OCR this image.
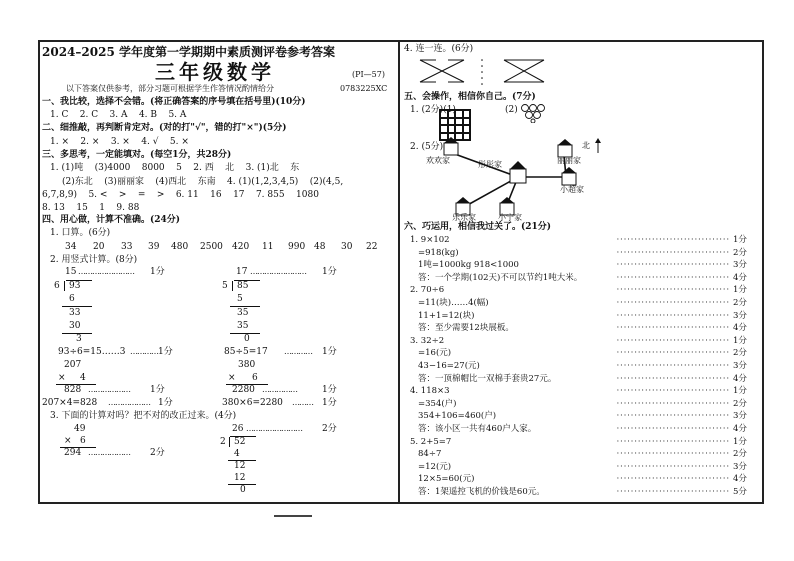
2024–2025 学年度第一学期期中素质测评卷参考答案
三年级数学	(PI—57)
0783225XC
以下答案仅供参考，部分习题可根据学生作答情况酌情给分
一、我比较，选择不会错。(将正确答案的序号填在括号里)(10分)
1. C    2. C    3. A    4. B    5. A
二、细推敲，再判断肯定对。(对的打"√"，错的打"×")(5分)
1. ×    2. ×    3. ×    4. √    5. ×
三、多思考，一定能填对。(每空1分，共28分)
1. (1)吨    (3)4000    8000    5    2. 西    北    3. (1)北    东
(2)东北    (3)丽丽家    (4)西北    东南    4. (1)(1,2,3,4,5)    (2)(4,5,
6,7,8,9)    5. <    >    =    >    6. 11    16    17    7. 855    1080
8. 13    15    1    9. 88
四、用心做，计算不准确。(24分)
1. 口算。(6分)
34 20 33 39 480 2500 420 11 990 48 30 22
2. 用竖式计算。(8分)
15 …………………… 1分
6 93
6
33
30
3
93÷6=15……3 ………… 1分
17 …………………… 1分
5 85
5
35
35
0
85÷5=17 ………… 1分
207
× 4
828 ……………… 1分
207×4=828 ……………… 1分
380
× 6
2280 ……………	1分
380×6=2280 ……… 1分
3. 下面的计算对吗？把不对的改正过来。(4分)
49
× 6
294 ……………… 2分
26 …………………… 2分
2 52
4
12
12
0
4. 连一连。(6分)
五、会操作，相信你自己。(7分)
1. (2分)(1)	(2)
2. (5分)
彤彤家
欢欢家	丽丽家
小超家
乐乐家	小宁家
北
六、巧运用，相信我过关了。(21分)
1. 9×102	································ 1分
=918(kg)	································ 2分
1吨=1000kg 918<1000	································ 3分
答：一个学期(102天)不可以节约1吨大米。	································ 4分
2. 70÷6	································ 1分
=11(块)……4(幅)	································ 2分
11+1=12(块)	································ 3分
答：至少需要12块展板。	································ 4分
3. 32÷2	································ 1分
=16(元)	································ 2分
43−16=27(元)	································ 3分
答：一顶棉帽比一双棉手套贵27元。	································ 4分
4. 118×3	································ 1分
=354(户)	································ 2分
354+106=460(户)	································ 3分
答：该小区一共有460户人家。	································ 4分
5. 2+5=7	································ 1分
84÷7	································ 2分
=12(元)	································ 3分
12×5=60(元)	································ 4分
答：1架遥控飞机的价钱是60元。	································ 5分
